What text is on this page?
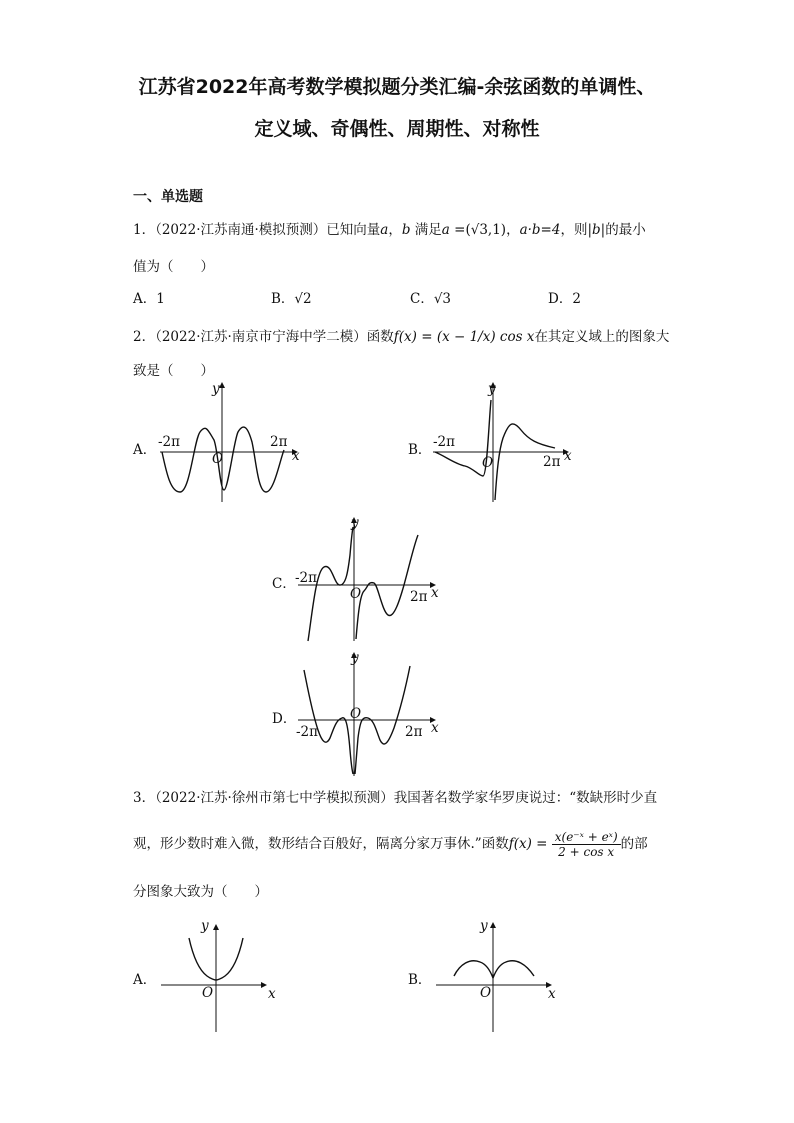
江苏省2022年高考数学模拟题分类汇编-余弦函数的单调性、
定义域、奇偶性、周期性、对称性
一、单选题
1．（2022·江苏南通·模拟预测）已知向量a，b 满足a =(√3,1)，a·b=4，则|b|的最小
值为（　　）
A．1	B．√2	C．√3	D．2
2．（2022·江苏·南京市宁海中学二模）函数f(x) = (x − 1/x) cos x在其定义域上的图象大
致是（　　）
A．	x
y
O
-2π	2π	B．	x
y
O
-2π
2π
C．
x
y
O
-2π
2π
D．
x
y
O
-2π	2π
3．（2022·江苏·徐州市第七中学模拟预测）我国著名数学家华罗庚说过：“数缺形时少直
观，形少数时难入微，数形结合百般好，隔离分家万事休.”函数$f(x) = \frac{\text{x(e⁻ˣ + eˣ)}}{\text{2 + cos x}}$ 的部
分图象大致为（　　）
A．
x
y
O
B．
x
y
O
